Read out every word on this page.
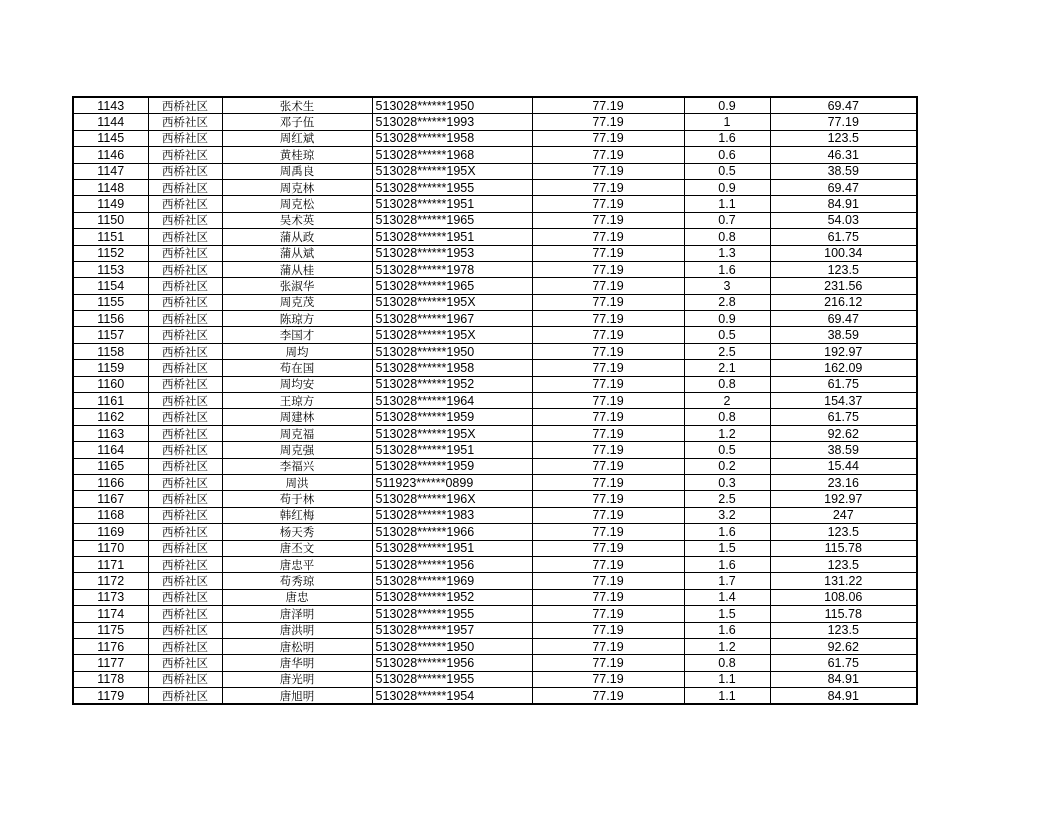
1143	西桥社区	张术生	513028******1950	77.19	0.9	69.47
1144	西桥社区	邓子伍	513028******1993	77.19	1	77.19
1145	西桥社区	周红斌	513028******1958	77.19	1.6	123.5
1146	西桥社区	黄桂琼	513028******1968	77.19	0.6	46.31
1147	西桥社区	周禹良	513028******195X	77.19	0.5	38.59
1148	西桥社区	周克林	513028******1955	77.19	0.9	69.47
1149	西桥社区	周克松	513028******1951	77.19	1.1	84.91
1150	西桥社区	吴术英	513028******1965	77.19	0.7	54.03
1151	西桥社区	蒲从政	513028******1951	77.19	0.8	61.75
1152	西桥社区	蒲从斌	513028******1953	77.19	1.3	100.34
1153	西桥社区	蒲从桂	513028******1978	77.19	1.6	123.5
1154	西桥社区	张淑华	513028******1965	77.19	3	231.56
1155	西桥社区	周克茂	513028******195X	77.19	2.8	216.12
1156	西桥社区	陈琼方	513028******1967	77.19	0.9	69.47
1157	西桥社区	李国才	513028******195X	77.19	0.5	38.59
1158	西桥社区	周均	513028******1950	77.19	2.5	192.97
1159	西桥社区	苟在国	513028******1958	77.19	2.1	162.09
1160	西桥社区	周均安	513028******1952	77.19	0.8	61.75
1161	西桥社区	王琼方	513028******1964	77.19	2	154.37
1162	西桥社区	周建林	513028******1959	77.19	0.8	61.75
1163	西桥社区	周克福	513028******195X	77.19	1.2	92.62
1164	西桥社区	周克强	513028******1951	77.19	0.5	38.59
1165	西桥社区	李福兴	513028******1959	77.19	0.2	15.44
1166	西桥社区	周洪	511923******0899	77.19	0.3	23.16
1167	西桥社区	苟于林	513028******196X	77.19	2.5	192.97
1168	西桥社区	韩红梅	513028******1983	77.19	3.2	247
1169	西桥社区	杨天秀	513028******1966	77.19	1.6	123.5
1170	西桥社区	唐丕文	513028******1951	77.19	1.5	115.78
1171	西桥社区	唐忠平	513028******1956	77.19	1.6	123.5
1172	西桥社区	苟秀琼	513028******1969	77.19	1.7	131.22
1173	西桥社区	唐忠	513028******1952	77.19	1.4	108.06
1174	西桥社区	唐泽明	513028******1955	77.19	1.5	115.78
1175	西桥社区	唐洪明	513028******1957	77.19	1.6	123.5
1176	西桥社区	唐松明	513028******1950	77.19	1.2	92.62
1177	西桥社区	唐华明	513028******1956	77.19	0.8	61.75
1178	西桥社区	唐光明	513028******1955	77.19	1.1	84.91
1179	西桥社区	唐旭明	513028******1954	77.19	1.1	84.91
